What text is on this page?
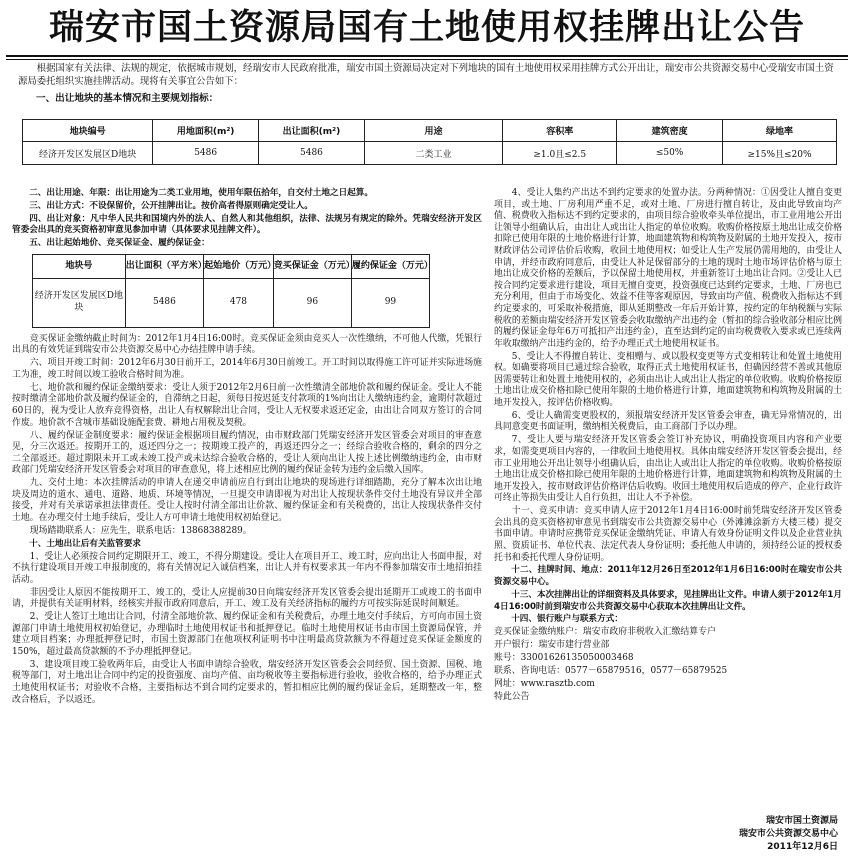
瑞安市国土资源局国有土地使用权挂牌出让公告
根据国家有关法律、法规的规定，依据城市规划，经瑞安市人民政府批准，瑞安市国土资源局决定对下列地块的国有土地使用权采用挂牌方式公开出让，瑞安市公共资源交易中心受瑞安市国土资源局委托组织实施挂牌活动。现将有关事宜公告如下：
一、出让地块的基本情况和主要规划指标：
地块编号	用地面积(m²)	出让面积(m²)	用途	容积率	建筑密度	绿地率
经济开发区发展区D地块	5486	5486	二类工业	≥1.0且≤2.5	≤50%	≥15%且≤20%

二、出让用途、年限：出让用途为二类工业用地，使用年限伍拾年，自交付土地之日起算。

三、出让方式：不设保留价，公开挂牌出让。按价高者得原则确定受让人。

四、出让对象：凡中华人民共和国境内外的法人、自然人和其他组织，法律、法规另有规定的除外。凭瑞安经济开发区管委会出具的竞买资格初审意见参加申请（具体要求见挂牌文件）。

五、出让起始地价、竞买保证金、履约保证金：

地块号	出让面积（平方米）	起始地价（万元）	竞买保证金（万元）	履约保证金（万元）
经济开发区发展区D地块	5486	478	96	99

竞买保证金缴纳截止时间为：2012年1月4日16:00时。竞买保证金须由竞买人一次性缴纳，不可他人代缴，凭银行出具的有效凭证到瑞安市公共资源交易中心办结挂牌申请手续。

六、项目开竣工时间：2012年6月30日前开工，2014年6月30日前竣工。开工时间以取得施工许可证并实际进场施工为准，竣工时间以竣工验收合格时间为准。

七、地价款和履约保证金缴纳要求：受让人须于2012年2月6日前一次性缴清全部地价款和履约保证金。受让人不能按时缴清全部地价款及履约保证金的，自滞纳之日起，须每日按迟延支付款项的1%向出让人缴纳违约金，逾期付款超过60日的，视为受让人放弃竞得资格，出让人有权解除出让合同，受让人无权要求返还定金，由出让合同双方签订的合同作废。地价款不含城市基础设施配套费、耕地占用税及契税。

八、履约保证金制度要求：履约保证金根据项目履约情况，由市财政部门凭瑞安经济开发区管委会对项目的审查意见，分三次返还。按期开工的，返还四分之一；按期竣工投产的，再返还四分之一；经综合验收合格的，剩余的四分之二全部返还。超过期限未开工或未竣工投产或未达综合验收合格的，受让人须向出让人按上述比例缴纳违约金，由市财政部门凭瑞安经济开发区管委会对项目的审查意见，将上述相应比例的履约保证金转为违约金后缴入国库。

九、交付土地：本次挂牌活动的申请人在递交申请前应自行到出让地块的现场进行详细踏勘，充分了解本次出让地块及周边的道水、通电、道路、地质、环境等情况，一旦提交申请即视为对出让人按现状条件交付土地没有异议并全部接受，并对有关承诺承担法律责任。受让人按时付清全部出让价款、履约保证金和有关税费的，出让人按现状条件交付土地。在办理交付土地手续后，受让人方可申请土地使用权初始登记。

现场踏勘联系人：应先生，联系电话：13868388289。

十、土地出让后有关监管要求

1、受让人必须按合同约定期限开工、竣工，不得分期建设。受让人在项目开工、竣工时，应向出让人书面申报，对不执行建设项目开竣工申报制度的，将有关情况记入诚信档案，出让人并有权要求其一年内不得参加瑞安市土地招拍挂活动。

非因受让人原因不能按期开工、竣工的，受让人应提前30日向瑞安经济开发区管委会提出延期开工或竣工的书面申请，并提供有关证明材料，经核实并报市政府同意后，开工、竣工及有关经济指标的履约方可按实际延误时间顺延。

2、受让人签订土地出让合同，付清全部地价款、履约保证金和有关税费后，办理土地交付手续后，方可向市国土资源部门申请土地使用权初始登记，办理临时土地使用权证书和抵押登记。临时土地使用权证书由市国土资源局保管，并建立项目档案；办理抵押登记时，市国土资源部门在他项权利证明书中注明最高贷款额为不得超过竞买保证金额度的150%，超过最高贷款额的不予办理抵押登记。

3、建设项目竣工验收两年后，由受让人书面申请综合验收，瑞安经济开发区管委会会同经贸、国土资源、国税、地税等部门，对土地出让合同中约定的投资强度、亩均产值、亩均税收等主要指标进行验收，验收合格的，给予办理正式土地使用权证书；对验收不合格，主要指标达不到合同约定要求的，暂扣相应比例的履约保证金后，延期整改一年，整改合格后，予以返还。

4、受让人集约产出达不到约定要求的处置办法。分两种情况：①因受让人擅自变更项目，或土地、厂房利用严重不足，或对土地、厂房进行擅自转让，及由此导致亩均产值、税费收入指标达不到约定要求的，由项目综合验收牵头单位提出，市工业用地公开出让领导小组确认后，由出让人或出让人指定的单位收购。收购价格按原土地出让成交价格扣除已使用年限的土地价格进行计算，地面建筑物和构筑物及附属的土地开发投入，按市财政评估公司评估价后收购，收回土地使用权；如受让人生产发展仍需用地的，由受让人申请，并经市政府同意后，由受让人补足保留部分的土地的现时土地市场评估价格与原土地出让成交价格的差额后，予以保留土地使用权，并重新签订土地出让合同。②受让人已按合同约定要求进行建设，项目无擅自变更，投资强度已达到约定要求，土地、厂房也已充分利用，但由于市场变化、效益不佳等客观原因，导致亩均产值、税费收入指标达不到约定要求的，可采取补税措施，即从延期整改一年后开始计算，按约定的年纳税额与实际税收的差额由瑞安经济开发区管委会收取缴纳产出违约金（暂扣的综合验收部分相应比例的履约保证金每年6万可抵扣产出违约金），直至达到约定的亩均税费收入要求或已连续两年收取缴纳产出违约金的，给予办理正式土地使用权证书。

5、受让人不得擅自转让、变相赠与、或以股权变更等方式变相转让和处置土地使用权。如确要将项目已通过综合验收，取得正式土地使用权证书，但确因经营不善或其他原因需要转让和处置土地使用权的，必须由出让人或出让人指定的单位收购。收购价格按原土地出让成交价格扣除已使用年限的土地价格进行计算，地面建筑物和构筑物及附属的土地开发投入，按评估价格收购。

6、受让人确需变更股权的，须报瑞安经济开发区管委会审查，确无异常情况的，出具同意变更书面证明，缴纳相关税费后，由工商部门予以办理。

7、受让人要与瑞安经济开发区管委会签订补充协议，明确投资项目内容和产业要求，如需变更项目内容的，一律收回土地使用权。具体由瑞安经济开发区管委会提出，经市工业用地公开出让领导小组确认后，由出让人或出让人指定的单位收购。收购价格按原土地出让成交价格扣除已使用年限的土地价格进行计算，地面建筑物和构筑物及附属的土地开发投入，按市财政评估价格评估后收购。收回土地使用权后造成的停产、企业行政许可终止等损失由受让人自行负担，出让人不予补偿。

十一、竞买申请：竞买申请人应于2012年1月4日16:00时前凭瑞安经济开发区管委会出具的竞买资格初审意见书到瑞安市公共资源交易中心（外滩滩涂新方大楼三楼）提交书面申请。申请时应携带竞买保证金缴纳凭证、申请人有效身份证明文件以及企业营业执照、资质证书、单位代表、法定代表人身份证明；委托他人申请的，须持经公证的授权委托书和委托代理人身份证明。

十二、挂牌时间、地点：2011年12月26日至2012年1月6日16:00时在瑞安市公共资源交易中心。

十三、本次挂牌出让的详细资料及具体要求，见挂牌出让文件。申请人须于2012年1月4日16:00时前到瑞安市公共资源交易中心获取本次挂牌出让文件。

十四、银行账户与联系方式：

竞买保证金缴纳账户：瑞安市政府非税收入汇缴结算专户

开户银行：瑞安市建行营业部

账号：33001626135050003468

联系、咨询电话：0577－65879516，0577－65879525

网址：www.rasztb.com

特此公告

瑞安市国土资源局
瑞安市公共资源交易中心
2011年12月6日
